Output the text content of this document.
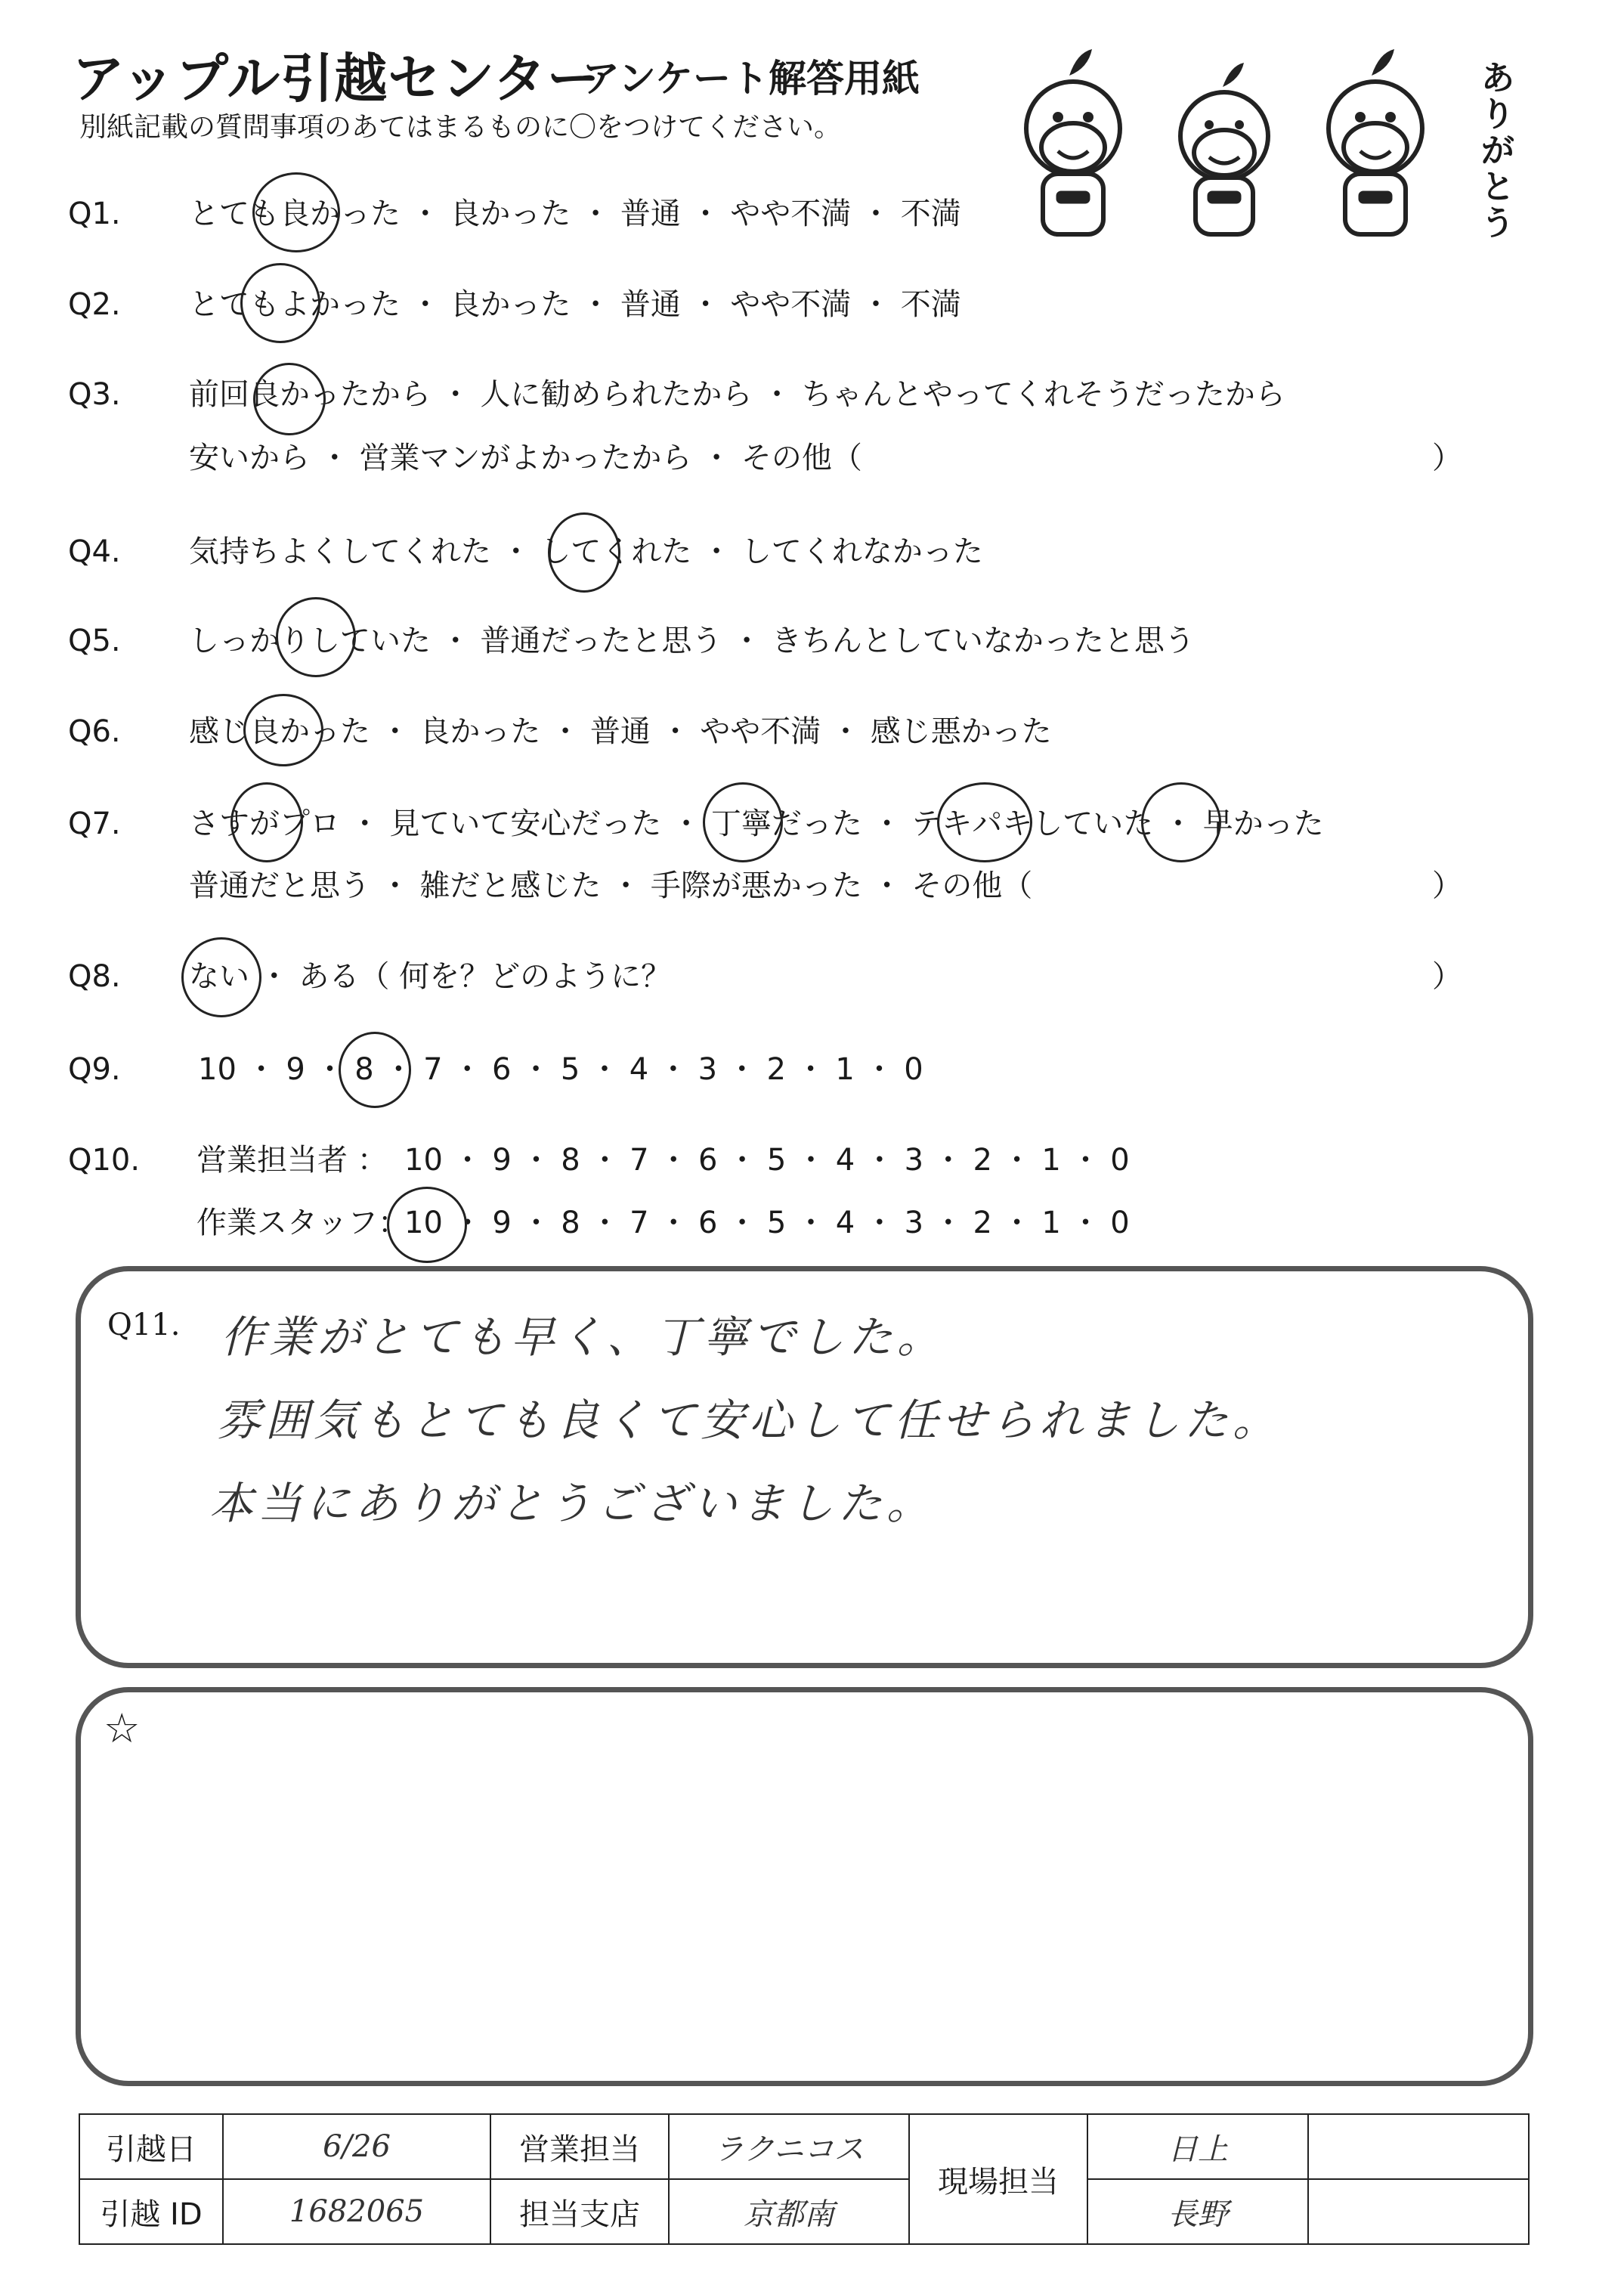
アップル引越センター
アンケート解答用紙
別紙記載の質問事項のあてはまるものに〇をつけてください。
ありがとう
Q1.	とても良かった ・ 良かった ・ 普通 ・ やや不満 ・ 不満
Q2.	とてもよかった ・ 良かった ・ 普通 ・ やや不満 ・ 不満
Q3.	前回良かったから ・ 人に勧められたから ・ ちゃんとやってくれそうだったから
安いから ・ 営業マンがよかったから ・ その他（	）
Q4.	気持ちよくしてくれた ・ してくれた ・ してくれなかった
Q5.	しっかりしていた ・ 普通だったと思う ・ きちんとしていなかったと思う
Q6.	感じ良かった ・ 良かった ・ 普通 ・ やや不満 ・ 感じ悪かった
Q7.	さすがプロ ・ 見ていて安心だった ・ 丁寧だった ・ テキパキしていた ・ 早かった
普通だと思う ・ 雑だと感じた ・ 手際が悪かった ・ その他（	）
Q8.	ない ・ ある（ 何を？どのように？	）
Q9.	10 ・ 9 ・ 8 ・ 7 ・ 6 ・ 5 ・ 4 ・ 3 ・ 2 ・ 1 ・ 0
Q10.	営業担当者 ： 10 ・ 9 ・ 8 ・ 7 ・ 6 ・ 5 ・ 4 ・ 3 ・ 2 ・ 1 ・ 0
作業スタッフ：
10 ・ 9 ・ 8 ・ 7 ・ 6 ・ 5 ・ 4 ・ 3 ・ 2 ・ 1 ・ 0
Q11. 作業がとても早く、丁寧でした。
雰囲気もとても良くて安心して任せられました。
本当にありがとうございました。
☆
引越日	6/26	営業担当	ラクニコス	現場担当	日上	
引越 ID	1682065	担当支店	京都南		長野	
